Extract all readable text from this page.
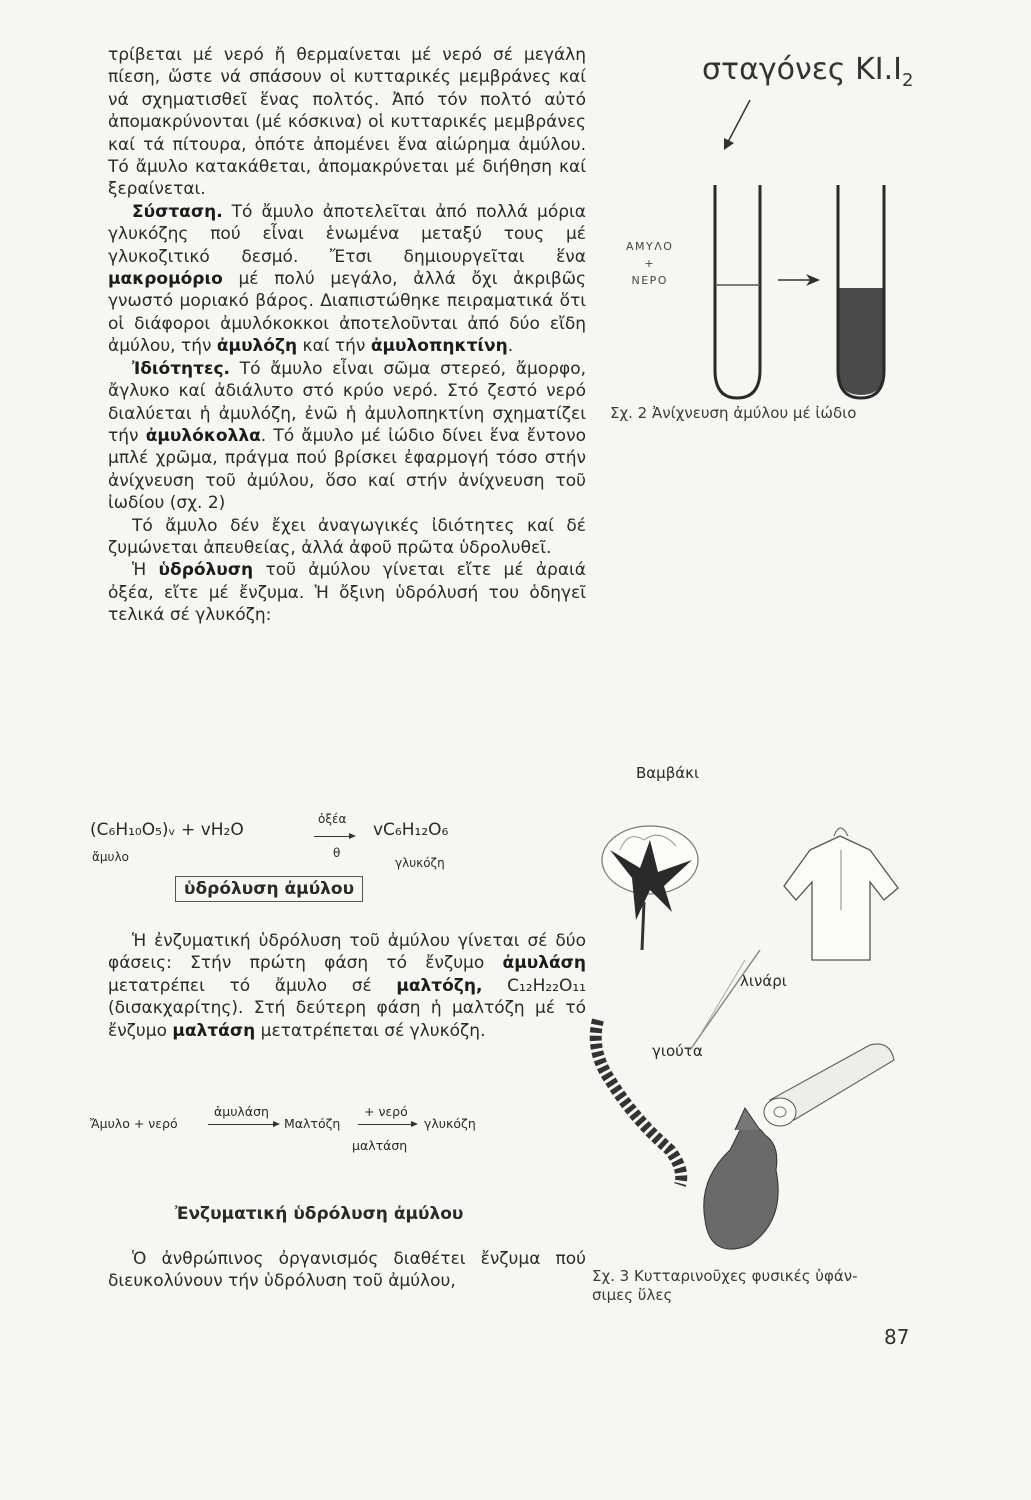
τρίβεται μέ νερό ἤ θερμαίνεται μέ νερό σέ μεγάλη πίεση, ὥστε νά σπάσουν οἱ κυτταρικές μεμβράνες καί νά σχηματισθεῖ ἕνας πολτός. Ἀπό τόν πολτό αὐτό ἀπομακρύνονται (μέ κόσκινα) οἱ κυτταρικές μεμβράνες καί τά πίτουρα, ὁπότε ἀπομένει ἕνα αἰώρημα ἀμύλου. Τό ἄμυλο κατακάθεται, ἀπομακρύνεται μέ διήθηση καί ξεραίνεται.

Σύσταση. Τό ἄμυλο ἀποτελεῖται ἀπό πολλά μόρια γλυκόζης πού εἶναι ἑνωμένα μεταξύ τους μέ γλυκοζιτικό δεσμό. Ἔτσι δημιουργεῖται ἕνα μακρομόριο μέ πολύ μεγάλο, ἀλλά ὄχι ἀκριβῶς γνωστό μοριακό βάρος. Διαπιστώθηκε πειραματικά ὅτι οἱ διάφοροι ἀμυλόκοκκοι ἀποτελοῦνται ἀπό δύο εἴδη ἀμύλου, τήν ἀμυλόζη καί τήν ἀμυλοπηκτίνη.

Ἰδιότητες. Τό ἄμυλο εἶναι σῶμα στερεό, ἄμορφο, ἄγλυκο καί ἀδιάλυτο στό κρύο νερό. Στό ζεστό νερό διαλύεται ἡ ἀμυλόζη, ἐνῶ ἡ ἀμυλοπηκτίνη σχηματίζει τήν ἀμυλόκολλα. Τό ἄμυλο μέ ἰώδιο δίνει ἕνα ἔντονο μπλέ χρῶμα, πράγμα πού βρίσκει ἐφαρμογή τόσο στήν ἀνίχνευση τοῦ ἀμύλου, ὅσο καί στήν ἀνίχνευση τοῦ ἰωδίου (σχ. 2)

Τό ἄμυλο δέν ἔχει ἀναγωγικές ἰδιότητες καί δέ ζυμώνεται ἀπευθείας, ἀλλά ἀφοῦ πρῶτα ὑδρολυθεῖ.

Ἡ ὑδρόλυση τοῦ ἀμύλου γίνεται εἴτε μέ ἀραιά ὀξέα, εἴτε μέ ἔνζυμα. Ἡ ὄξινη ὑδρόλυσή του ὁδηγεῖ τελικά σέ γλυκόζη:

(C₆H₁₀O₅)ᵥ + vH₂O
ὀξέα
θ
vC₆H₁₂O₆
ἄμυλο	γλυκόζη
ὑδρόλυση ἀμύλου

Ἡ ἐνζυματική ὑδρόλυση τοῦ ἀμύλου γίνεται σέ δύο φάσεις: Στήν πρώτη φάση τό ἔνζυμο ἀμυλάση μετατρέπει τό ἄμυλο σέ μαλτόζη, C₁₂H₂₂O₁₁ (δισακχαρίτης). Στή δεύτερη φάση ἡ μαλτόζη μέ τό ἔνζυμο μαλτάση μετατρέπεται σέ γλυκόζη.

Ἄμυλο + νερό
ἀμυλάση
Μαλτόζη
+ νερό
γλυκόζη
μαλτάση
Ἐνζυματική ὑδρόλυση ἀμύλου

Ὁ ἀνθρώπινος ὀργανισμός διαθέτει ἔνζυμα πού διευκολύνουν τήν ὑδρόλυση τοῦ ἀμύλου,

σταγόνες $KI.I_2$
ΑΜΥΛΟ
+
ΝΕΡΟ
Σχ. 2 Ἀνίχνευση ἀμύλου μέ ἰώδιο
Βαμβάκι
λινάρι
γιούτα
Σχ. 3 Κυτταρινοῦχες φυσικές ὑφάν-
σιμες ὕλες
87
